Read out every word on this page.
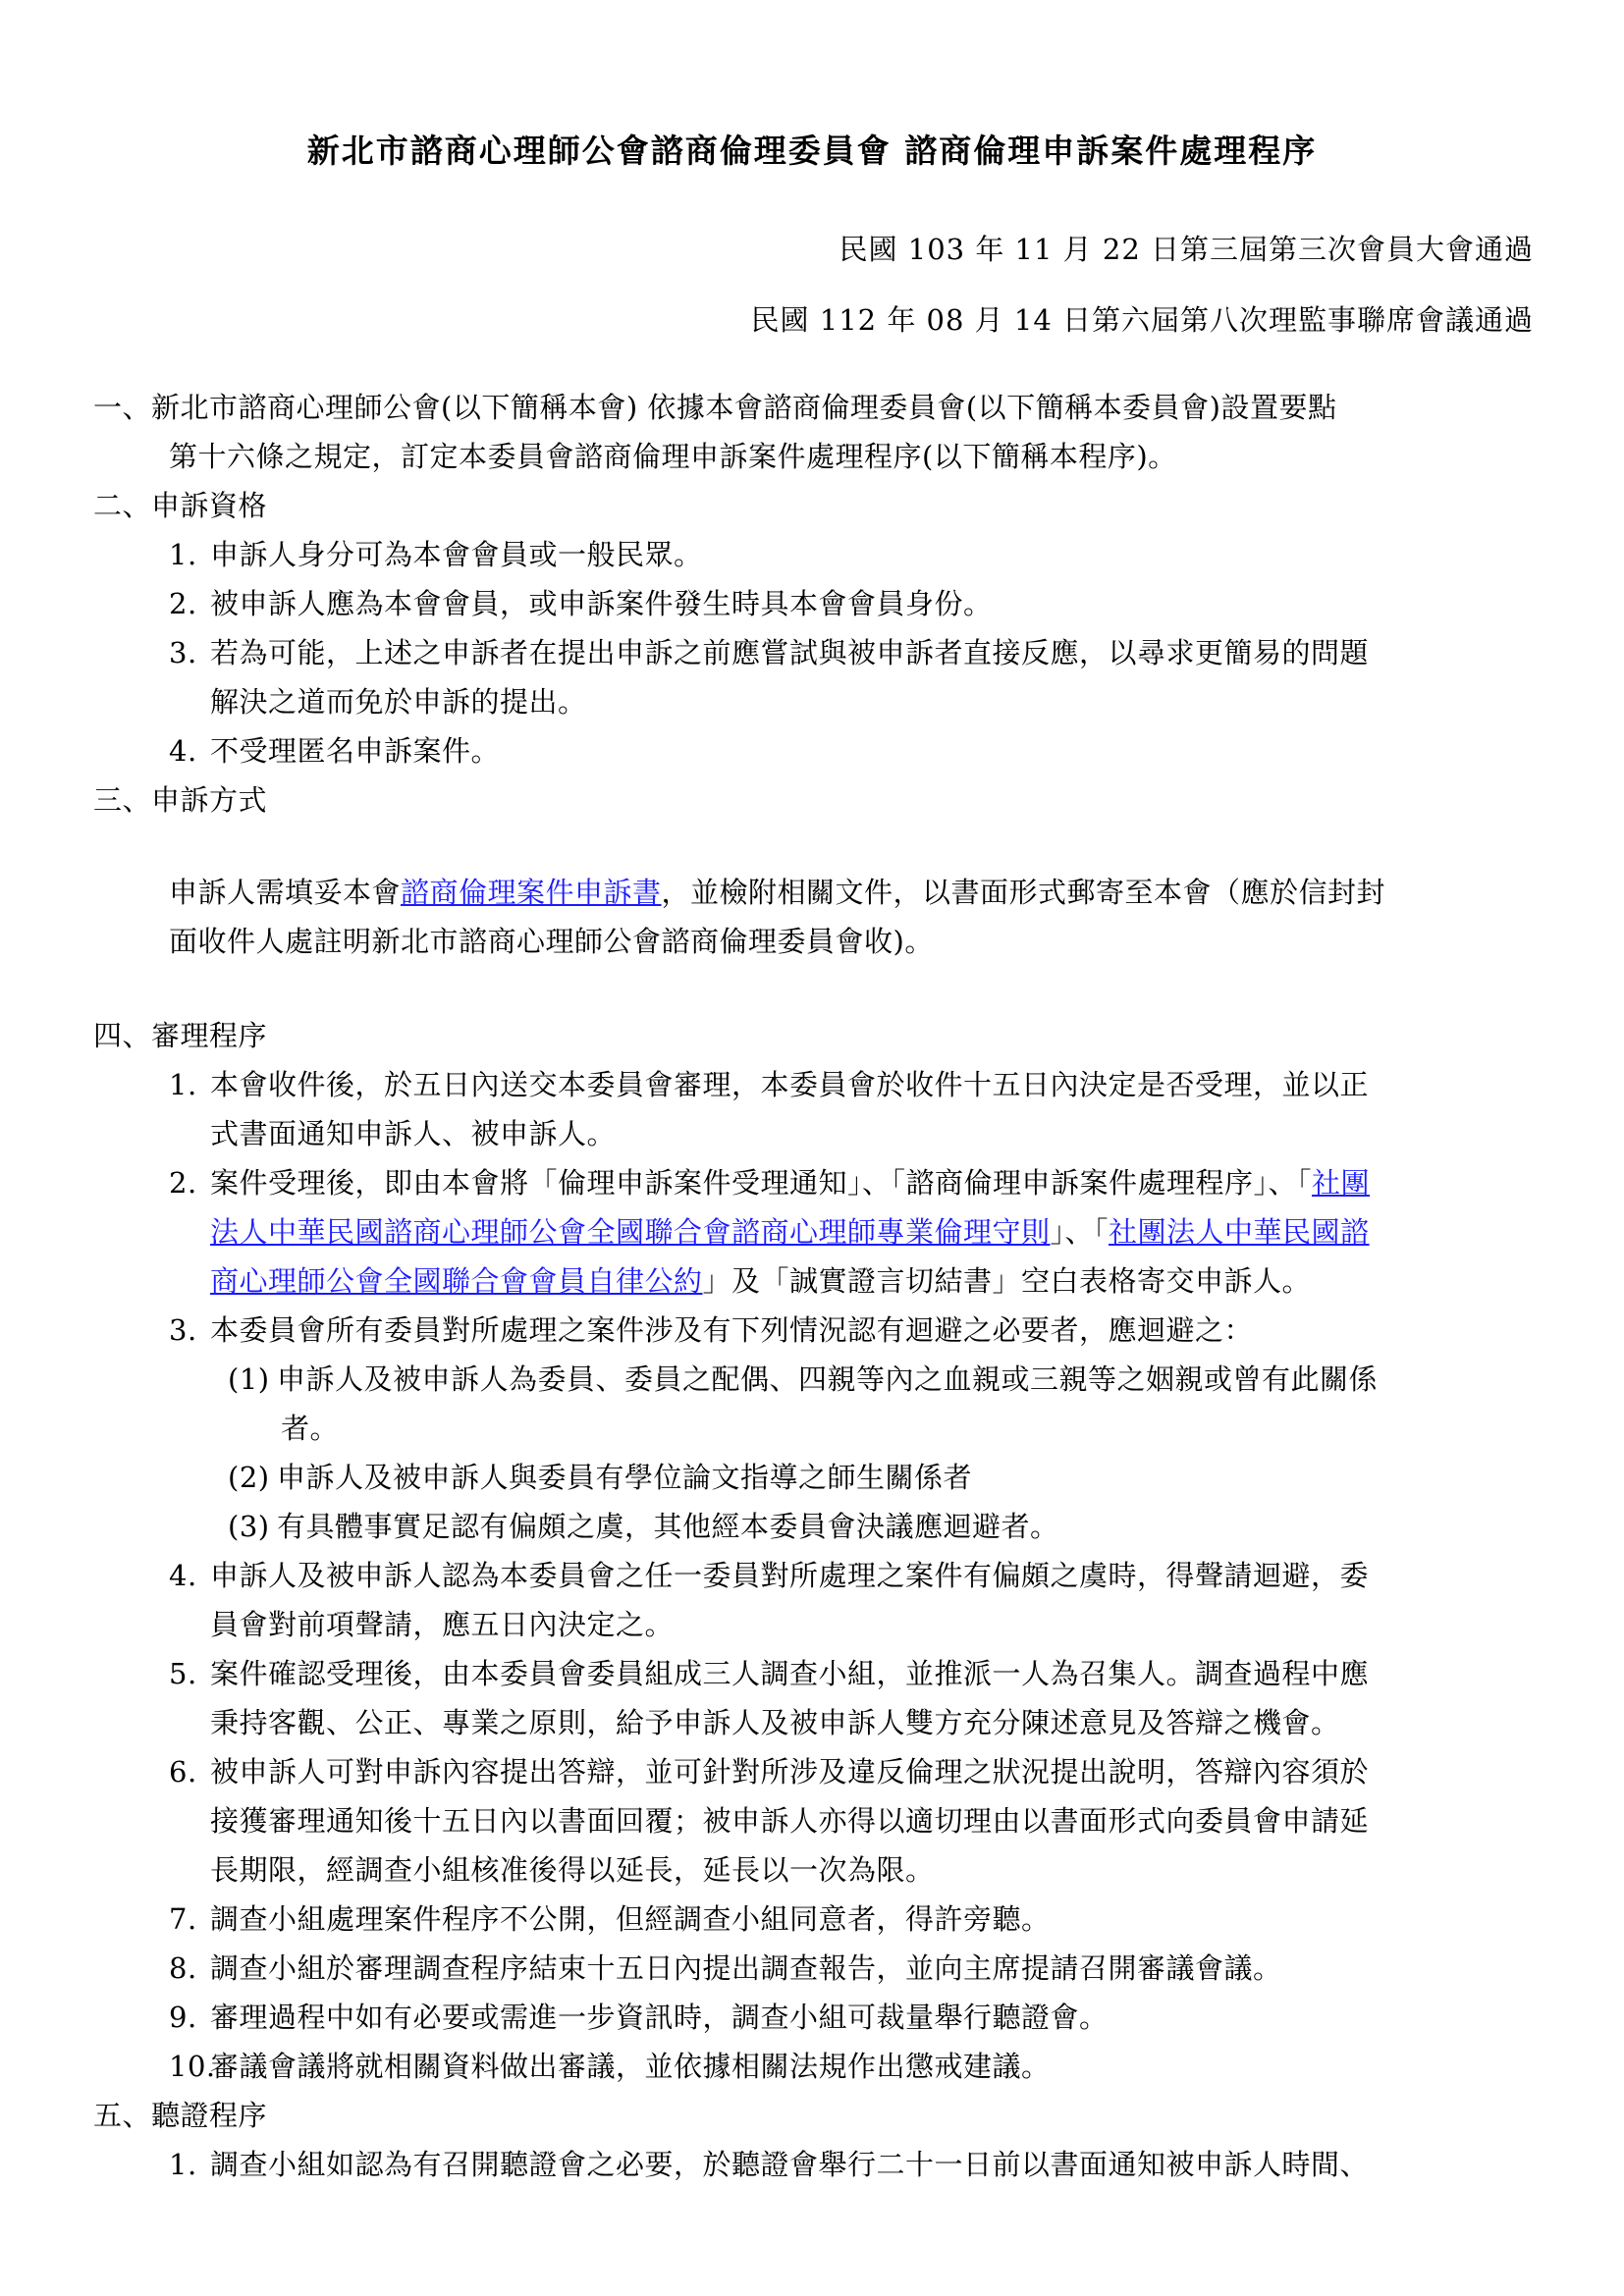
新北市諮商心理師公會諮商倫理委員會 諮商倫理申訴案件處理程序
民國 103 年 11 月 22 日第三屆第三次會員大會通過
民國 112 年 08 月 14 日第六屆第八次理監事聯席會議通過
一、新北市諮商心理師公會(以下簡稱本會) 依據本會諮商倫理委員會(以下簡稱本委員會)設置要點
第十六條之規定，訂定本委員會諮商倫理申訴案件處理程序(以下簡稱本程序)。
二、申訴資格
1. 申訴人身分可為本會會員或一般民眾。
2. 被申訴人應為本會會員，或申訴案件發生時具本會會員身份。
3. 若為可能，上述之申訴者在提出申訴之前應嘗試與被申訴者直接反應，以尋求更簡易的問題
解決之道而免於申訴的提出。
4. 不受理匿名申訴案件。
三、申訴方式
申訴人需填妥本會諮商倫理案件申訴書，並檢附相關文件，以書面形式郵寄至本會（應於信封封
面收件人處註明新北市諮商心理師公會諮商倫理委員會收)。
四、審理程序
1. 本會收件後，於五日內送交本委員會審理，本委員會於收件十五日內決定是否受理，並以正
式書面通知申訴人、被申訴人。
2. 案件受理後，即由本會將「倫理申訴案件受理通知」、「諮商倫理申訴案件處理程序」、「社團
法人中華民國諮商心理師公會全國聯合會諮商心理師專業倫理守則」、「社團法人中華民國諮
商心理師公會全國聯合會會員自律公約」及「誠實證言切結書」空白表格寄交申訴人。
3. 本委員會所有委員對所處理之案件涉及有下列情況認有迴避之必要者，應迴避之：
(1) 申訴人及被申訴人為委員、委員之配偶、四親等內之血親或三親等之姻親或曾有此關係
者。
(2) 申訴人及被申訴人與委員有學位論文指導之師生關係者
(3) 有具體事實足認有偏頗之虞，其他經本委員會決議應迴避者。
4. 申訴人及被申訴人認為本委員會之任一委員對所處理之案件有偏頗之虞時，得聲請迴避，委
員會對前項聲請，應五日內決定之。
5. 案件確認受理後，由本委員會委員組成三人調查小組，並推派一人為召集人。調查過程中應
秉持客觀、公正、專業之原則，給予申訴人及被申訴人雙方充分陳述意見及答辯之機會。
6. 被申訴人可對申訴內容提出答辯，並可針對所涉及違反倫理之狀況提出說明，答辯內容須於
接獲審理通知後十五日內以書面回覆；被申訴人亦得以適切理由以書面形式向委員會申請延
長期限，經調查小組核准後得以延長，延長以一次為限。
7. 調查小組處理案件程序不公開，但經調查小組同意者，得許旁聽。
8. 調查小組於審理調查程序結束十五日內提出調查報告，並向主席提請召開審議會議。
9. 審理過程中如有必要或需進一步資訊時，調查小組可裁量舉行聽證會。
10.審議會議將就相關資料做出審議，並依據相關法規作出懲戒建議。
五、聽證程序
1. 調查小組如認為有召開聽證會之必要，於聽證會舉行二十一日前以書面通知被申訴人時間、
